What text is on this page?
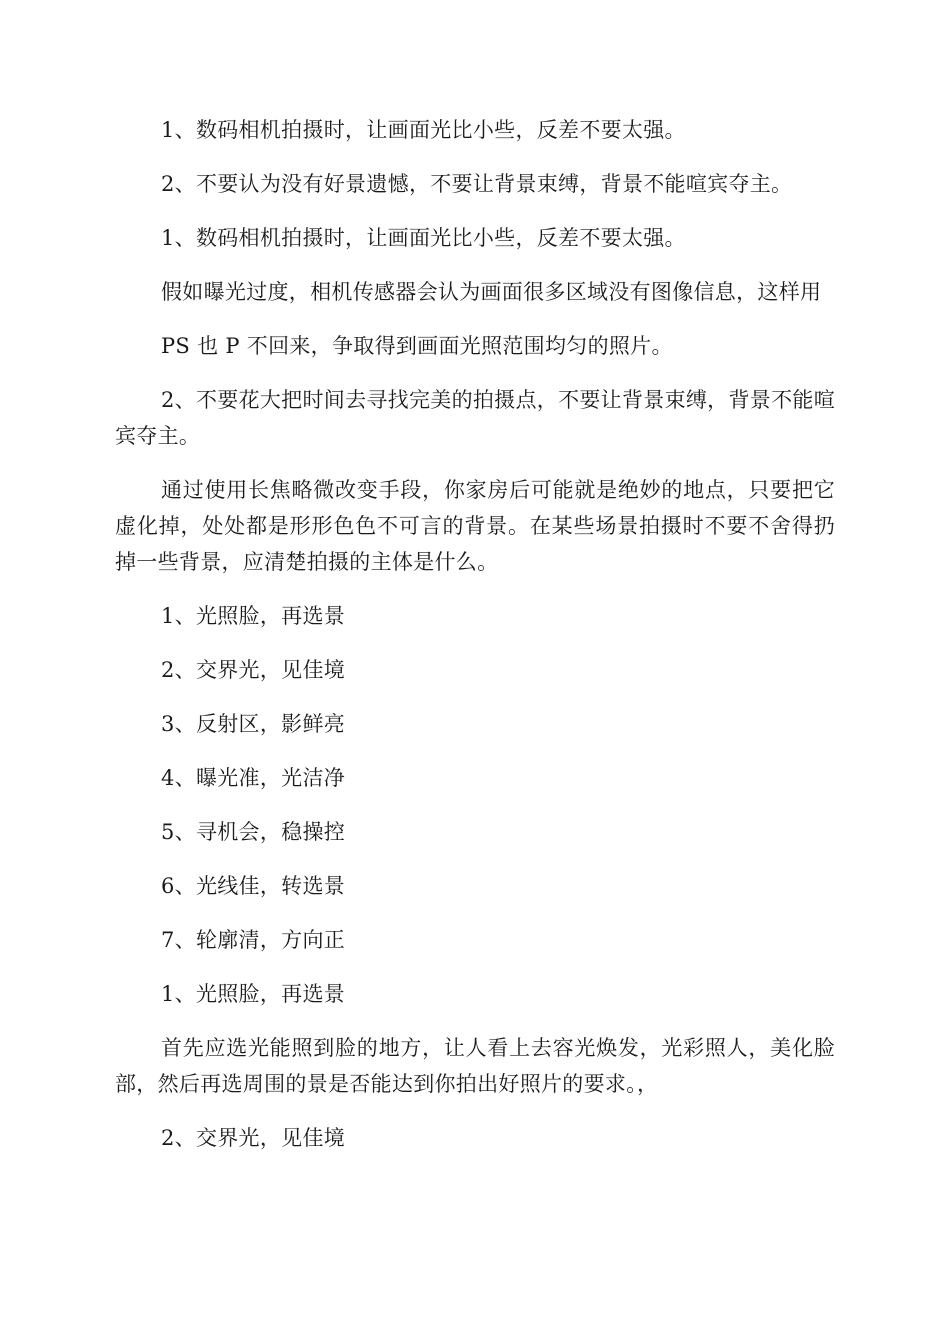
1、数码相机拍摄时，让画面光比小些，反差不要太强。

2、不要认为没有好景遗憾，不要让背景束缚，背景不能喧宾夺主。

1、数码相机拍摄时，让画面光比小些，反差不要太强。

假如曝光过度，相机传感器会认为画面很多区域没有图像信息，这样用

PS 也 P 不回来，争取得到画面光照范围均匀的照片。

2、不要花大把时间去寻找完美的拍摄点，不要让背景束缚，背景不能喧宾夺主。

通过使用长焦略微改变手段，你家房后可能就是绝妙的地点，只要把它虚化掉，处处都是形形色色不可言的背景。在某些场景拍摄时不要不舍得扔掉一些背景，应清楚拍摄的主体是什么。

1、光照脸，再选景

2、交界光，见佳境

3、反射区，影鲜亮

4、曝光准，光洁净

5、寻机会，稳操控

6、光线佳，转选景

7、轮廓清，方向正

1、光照脸，再选景

首先应选光能照到脸的地方，让人看上去容光焕发，光彩照人，美化脸部，然后再选周围的景是否能达到你拍出好照片的要求。，

2、交界光，见佳境
